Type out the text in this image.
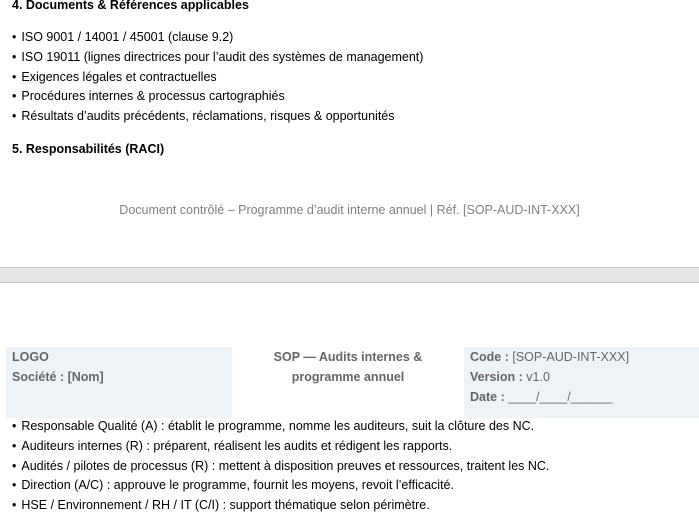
4. Documents & Références applicables
• ISO 9001 / 14001 / 45001 (clause 9.2)
• ISO 19011 (lignes directrices pour l’audit des systèmes de management)
• Exigences légales et contractuelles
• Procédures internes & processus cartographiés
• Résultats d’audits précédents, réclamations, risques & opportunités
5. Responsabilités (RACI)
Document contrôlé – Programme d’audit interne annuel | Réf. [SOP-AUD-INT-XXX]
LOGO
Société : [Nom]
SOP — Audits internes & programme annuel
Code : [SOP-AUD-INT-XXX]
Version : v1.0
Date : ____/____/______
• Responsable Qualité (A) : établit le programme, nomme les auditeurs, suit la clôture des NC.
• Auditeurs internes (R) : préparent, réalisent les audits et rédigent les rapports.
• Audités / pilotes de processus (R) : mettent à disposition preuves et ressources, traitent les NC.
• Direction (A/C) : approuve le programme, fournit les moyens, revoit l’efficacité.
• HSE / Environnement / RH / IT (C/I) : support thématique selon périmètre.
